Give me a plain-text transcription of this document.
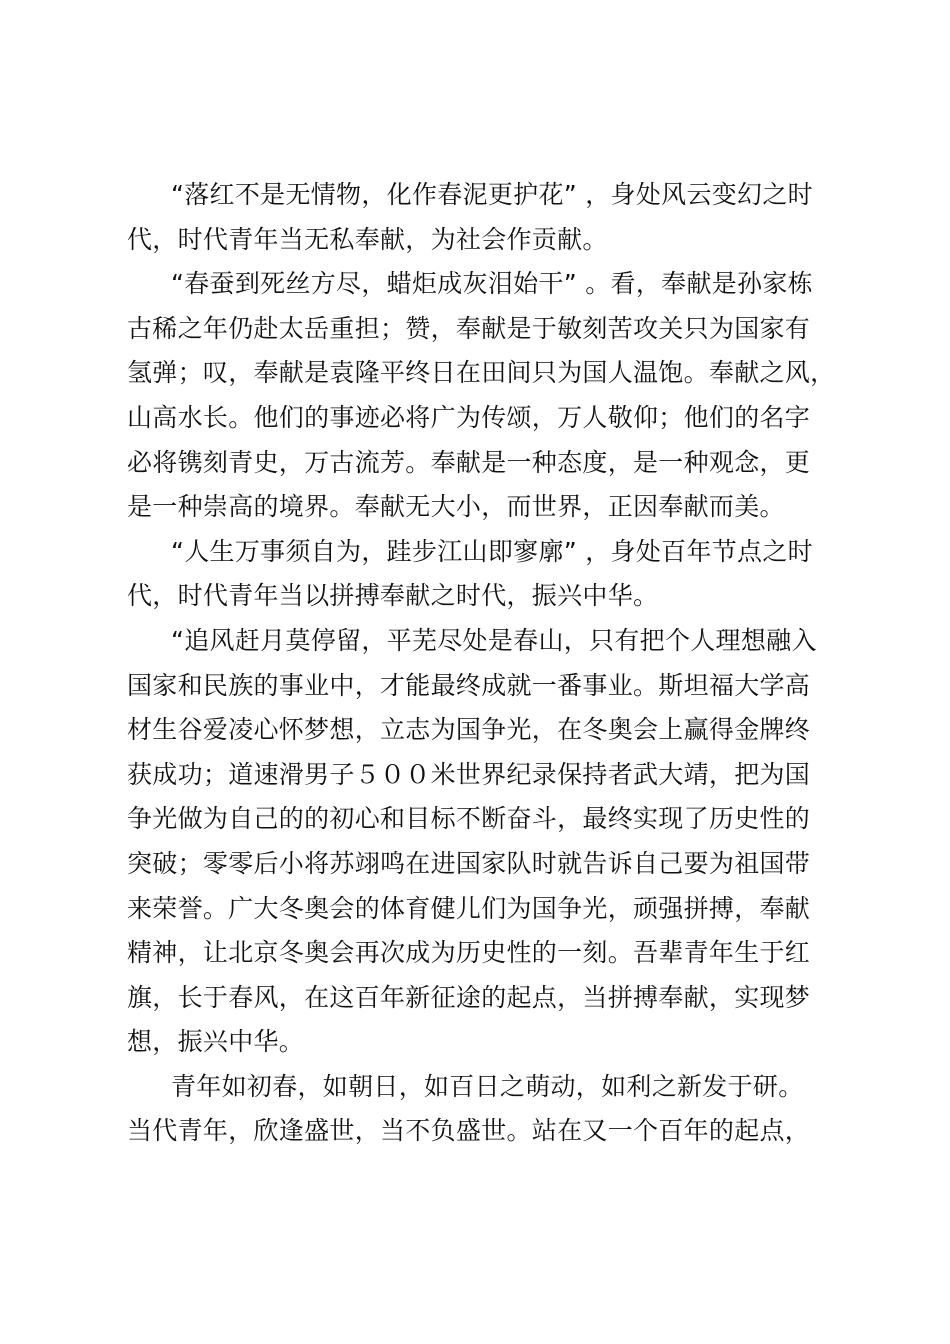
“落红不是无情物，化作春泥更护花” ，身处风云变幻之时
代，时代青年当无私奉献，为社会作贡献。
“春蚕到死丝方尽，蜡炬成灰泪始干” 。看，奉献是孙家栋
古稀之年仍赴太岳重担；赞，奉献是于敏刻苦攻关只为国家有
氢弹；叹，奉献是袁隆平终日在田间只为国人温饱。奉献之风，
山高水长。他们的事迹必将广为传颂，万人敬仰；他们的名字
必将镌刻青史，万古流芳。奉献是一种态度，是一种观念，更
是一种崇高的境界。奉献无大小，而世界，正因奉献而美。
“人生万事须自为，跬步江山即寥廓” ，身处百年节点之时
代，时代青年当以拼搏奉献之时代，振兴中华。
“追风赶月莫停留，平芜尽处是春山，只有把个人理想融入
国家和民族的事业中，才能最终成就一番事业。斯坦福大学高
材生谷爱凌心怀梦想，立志为国争光，在冬奥会上赢得金牌终
获成功；道速滑男子５００米世界纪录保持者武大靖，把为国
争光做为自己的的初心和目标不断奋斗，最终实现了历史性的
突破；零零后小将苏翊鸣在进国家队时就告诉自己要为祖国带
来荣誉。广大冬奥会的体育健儿们为国争光，顽强拼搏，奉献
精神，让北京冬奥会再次成为历史性的一刻。吾辈青年生于红
旗，长于春风，在这百年新征途的起点，当拼搏奉献，实现梦
想，振兴中华。
青年如初春，如朝日，如百日之萌动，如利之新发于研。
当代青年，欣逢盛世，当不负盛世。站在又一个百年的起点，
